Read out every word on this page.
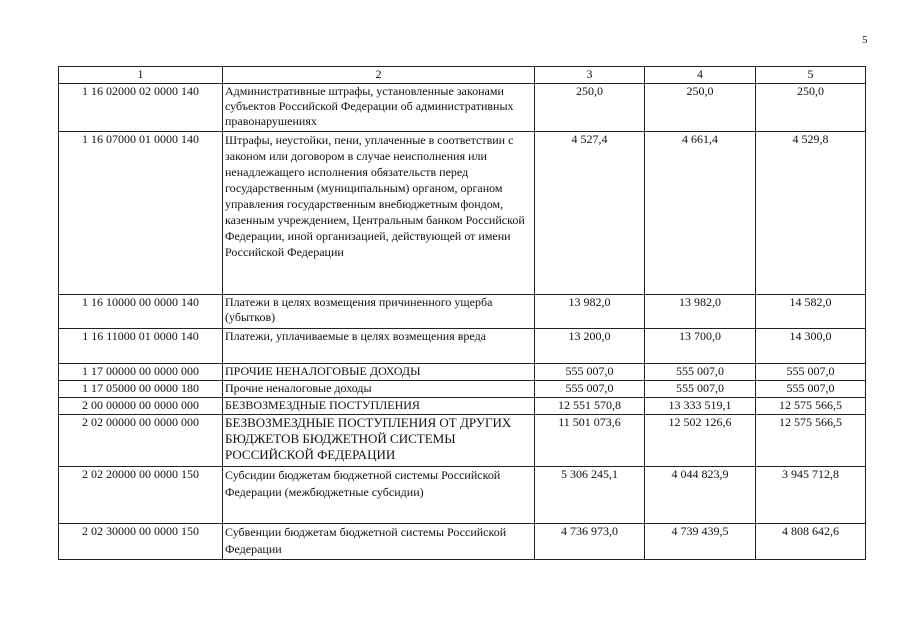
5
1	2	3	4	5
1 16 02000 02 0000 140	Административные штрафы, установленные законами субъектов Российской Федерации об административных правонарушениях	250,0	250,0	250,0
1 16 07000 01 0000 140	Штрафы, неустойки, пени, уплаченные в соответствии с законом или договором в случае неисполнения или ненадлежащего исполнения обязательств перед государственным (муниципальным) органом, органом управления государственным внебюджетным фондом, казенным учреждением, Центральным банком Российской Федерации, иной организацией, действующей от имени Российской Федерации	4 527,4	4 661,4	4 529,8
1 16 10000 00 0000 140	Платежи в целях возмещения причиненного ущерба (убытков)	13 982,0	13 982,0	14 582,0
1 16 11000 01 0000 140	Платежи, уплачиваемые в целях возмещения вреда	13 200,0	13 700,0	14 300,0
1 17 00000 00 0000 000	ПРОЧИЕ НЕНАЛОГОВЫЕ ДОХОДЫ	555 007,0	555 007,0	555 007,0
1 17 05000 00 0000 180	Прочие неналоговые доходы	555 007,0	555 007,0	555 007,0
2 00 00000 00 0000 000	БЕЗВОЗМЕЗДНЫЕ ПОСТУПЛЕНИЯ	12 551 570,8	13 333 519,1	12 575 566,5
2 02 00000 00 0000 000	БЕЗВОЗМЕЗДНЫЕ ПОСТУПЛЕНИЯ ОТ ДРУГИХ БЮДЖЕТОВ БЮДЖЕТНОЙ СИСТЕМЫ РОССИЙСКОЙ ФЕДЕРАЦИИ	11 501 073,6	12 502 126,6	12 575 566,5
2 02 20000 00 0000 150	Субсидии бюджетам бюджетной системы Российской Федерации (межбюджетные субсидии)	5 306 245,1	4 044 823,9	3 945 712,8
2 02 30000 00 0000 150	Субвенции бюджетам бюджетной системы Российской Федерации	4 736 973,0	4 739 439,5	4 808 642,6
